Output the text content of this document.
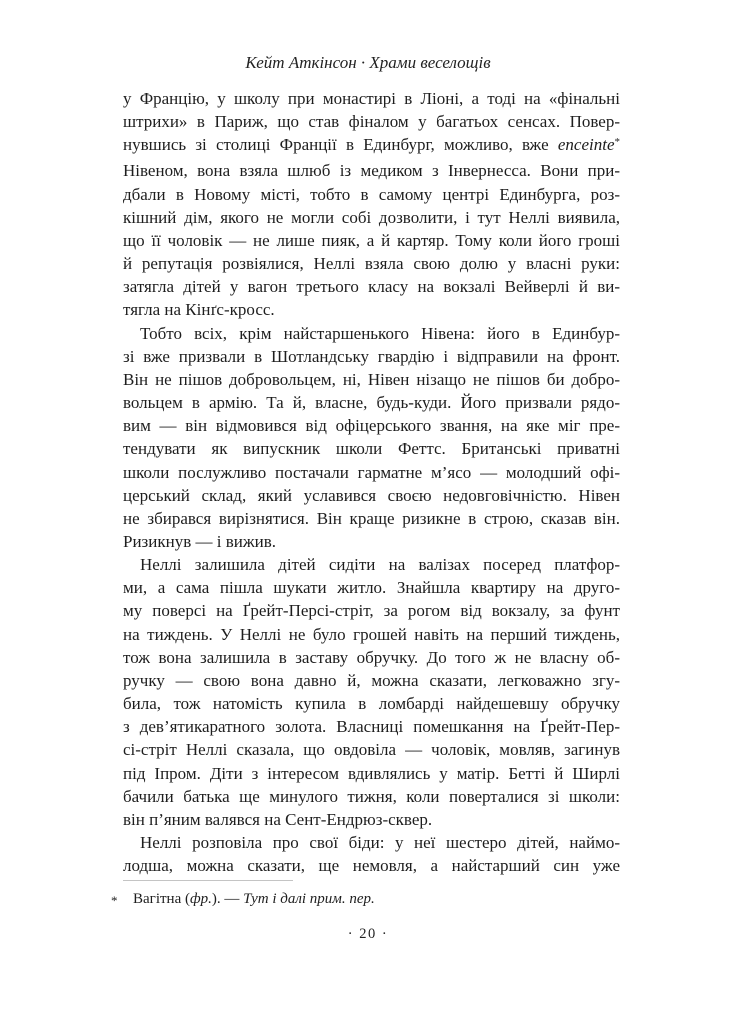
Кейт Аткінсон · Храми веселощів
у Францію, у школу при монастирі в Ліоні, а тоді на «фінальні
штрихи» в Париж, що став фіналом у багатьох сенсах. Повер-
нувшись зі столиці Франції в Единбург, можливо, вже enceinte*
Нівеном, вона взяла шлюб із медиком з Інвернесса. Вони при-
дбали в Новому місті, тобто в самому центрі Единбурга, роз-
кішний дім, якого не могли собі дозволити, і тут Неллі виявила,
що її чоловік — не лише пияк, а й картяр. Тому коли його гроші
й репутація розвіялися, Неллі взяла свою долю у власні руки:
затягла дітей у вагон третього класу на вокзалі Вейверлі й ви-
тягла на Кінґс-кросс.
Тобто всіх, крім найстаршенького Нівена: його в Единбур-
зі вже призвали в Шотландську гвардію і відправили на фронт.
Він не пішов добровольцем, ні, Нівен нізащо не пішов би добро-
вольцем в армію. Та й, власне, будь-куди. Його призвали рядо-
вим — він відмовився від офіцерського звання, на яке міг пре-
тендувати як випускник школи Феттс. Британські приватні
школи послужливо постачали гарматне м’ясо — молодший офі-
церський склад, який уславився своєю недовговічністю. Нівен
не збирався вирізнятися. Він краще ризикне в строю, сказав він.
Ризикнув — і вижив.
Неллі залишила дітей сидіти на валізах посеред платфор-
ми, а сама пішла шукати житло. Знайшла квартиру на друго-
му поверсі на Ґрейт-Персі-стріт, за рогом від вокзалу, за фунт
на тиждень. У Неллі не було грошей навіть на перший тиждень,
тож вона залишила в заставу обручку. До того ж не власну об-
ручку — свою вона давно й, можна сказати, легковажно згу-
била, тож натомість купила в ломбарді найдешевшу обручку
з дев’ятикаратного золота. Власниці помешкання на Ґрейт-Пер-
сі-стріт Неллі сказала, що овдовіла — чоловік, мовляв, загинув
під Іпром. Діти з інтересом вдивлялись у матір. Бетті й Ширлі
бачили батька ще минулого тижня, коли поверталися зі школи:
він п’яним валявся на Сент-Ендрюз-сквер.
Неллі розповіла про свої біди: у неї шестеро дітей, наймо-
лодша, можна сказати, ще немовля, а найстарший син уже
* Вагітна (фр.). — Тут і далі прим. пер.
· 20 ·
